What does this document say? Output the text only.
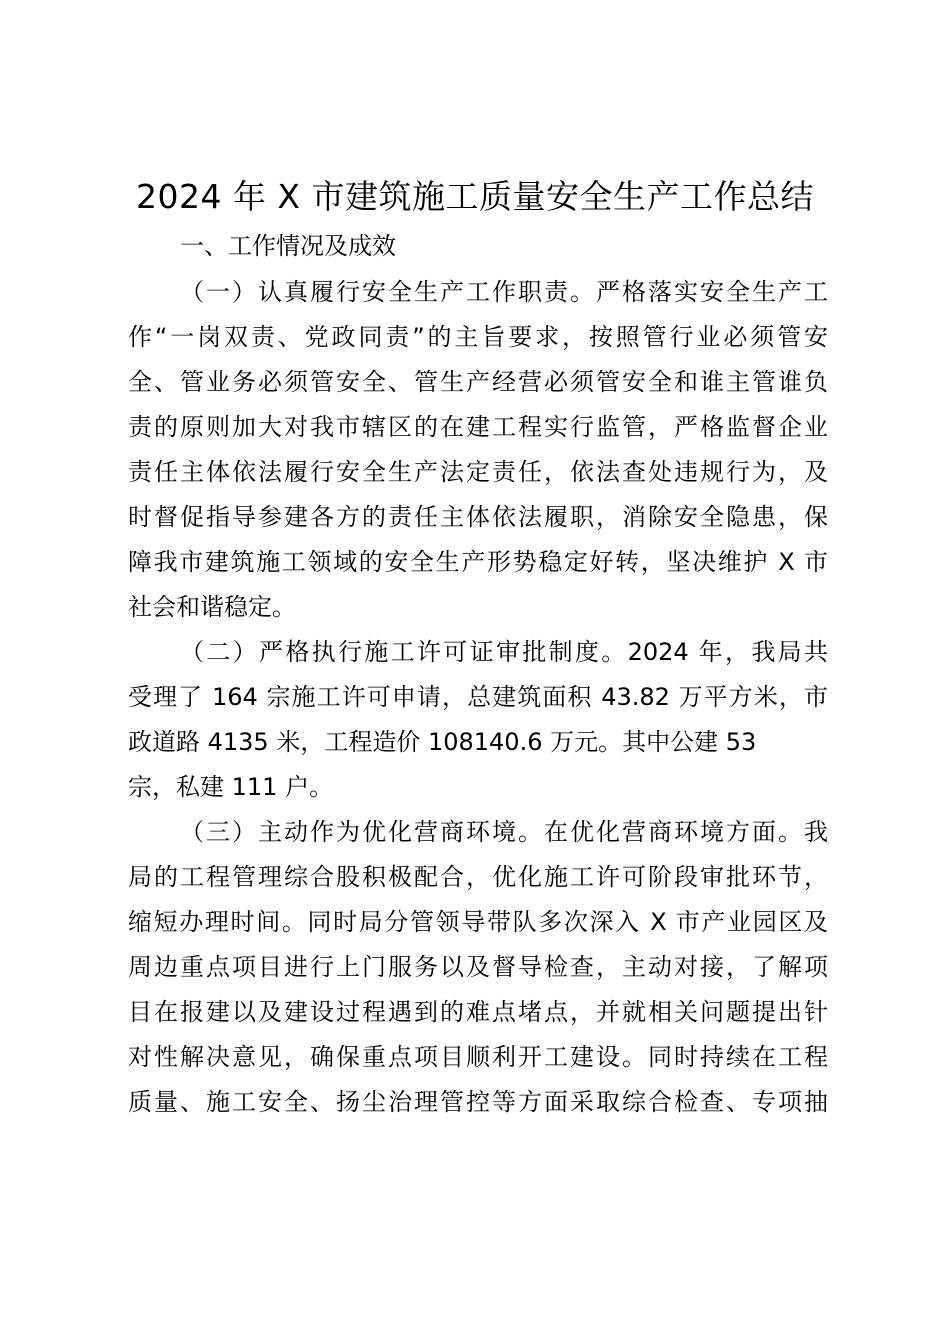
2024 年 X 市建筑施工质量安全生产工作总结
一、工作情况及成效
（一）认真履行安全生产工作职责。严格落实安全生产工
作“一岗双责、党政同责”的主旨要求，按照管行业必须管安
全、管业务必须管安全、管生产经营必须管安全和谁主管谁负
责的原则加大对我市辖区的在建工程实行监管，严格监督企业
责任主体依法履行安全生产法定责任，依法查处违规行为，及
时督促指导参建各方的责任主体依法履职，消除安全隐患，保
障我市建筑施工领域的安全生产形势稳定好转，坚决维护 X 市
社会和谐稳定。
（二）严格执行施工许可证审批制度。2024 年，我局共
受理了 164 宗施工许可申请，总建筑面积 43.82 万平方米，市
政道路 4135 米，工程造价 108140.6 万元。其中公建 53
宗，私建 111 户。
（三）主动作为优化营商环境。在优化营商环境方面。我
局的工程管理综合股积极配合，优化施工许可阶段审批环节，
缩短办理时间。同时局分管领导带队多次深入 X 市产业园区及
周边重点项目进行上门服务以及督导检查，主动对接，了解项
目在报建以及建设过程遇到的难点堵点，并就相关问题提出针
对性解决意见，确保重点项目顺利开工建设。同时持续在工程
质量、施工安全、扬尘治理管控等方面采取综合检查、专项抽
